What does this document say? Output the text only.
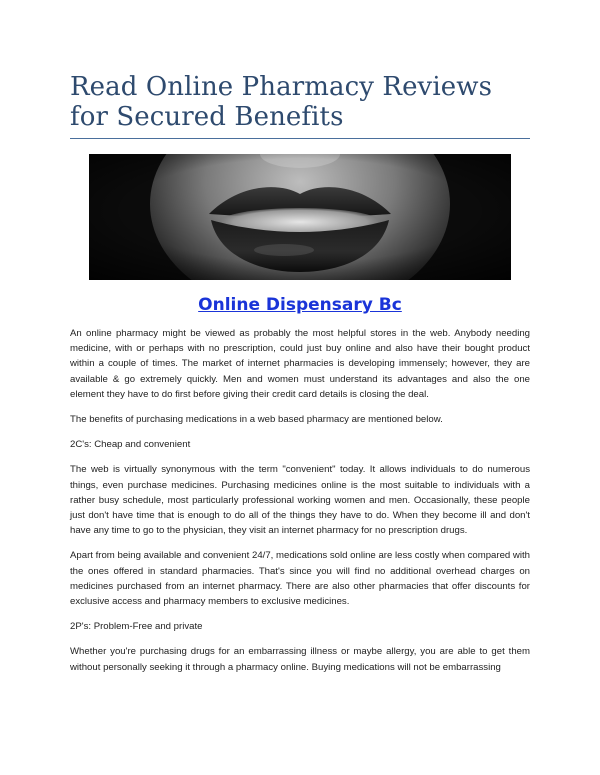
Read Online Pharmacy Reviews for Secured Benefits
Online Dispensary Bc

An online pharmacy might be viewed as probably the most helpful stores in the web. Anybody needing medicine, with or perhaps with no prescription, could just buy online and also have their bought product within a couple of times. The market of internet pharmacies is developing immensely; however, they are available & go extremely quickly. Men and women must understand its advantages and also the one element they have to do first before giving their credit card details is closing the deal.

The benefits of purchasing medications in a web based pharmacy are mentioned below.

2C's: Cheap and convenient

The web is virtually synonymous with the term "convenient" today. It allows individuals to do numerous things, even purchase medicines. Purchasing medicines online is the most suitable to individuals with a rather busy schedule, most particularly professional working women and men. Occasionally, these people just don't have time that is enough to do all of the things they have to do. When they become ill and don't have any time to go to the physician, they visit an internet pharmacy for no prescription drugs.

Apart from being available and convenient 24/7, medications sold online are less costly when compared with the ones offered in standard pharmacies. That's since you will find no additional overhead charges on medicines purchased from an internet pharmacy. There are also other pharmacies that offer discounts for exclusive access and pharmacy members to exclusive medicines.

2P's: Problem-Free and private

Whether you're purchasing drugs for an embarrassing illness or maybe allergy, you are able to get them without personally seeking it through a pharmacy online. Buying medications will not be embarrassing
